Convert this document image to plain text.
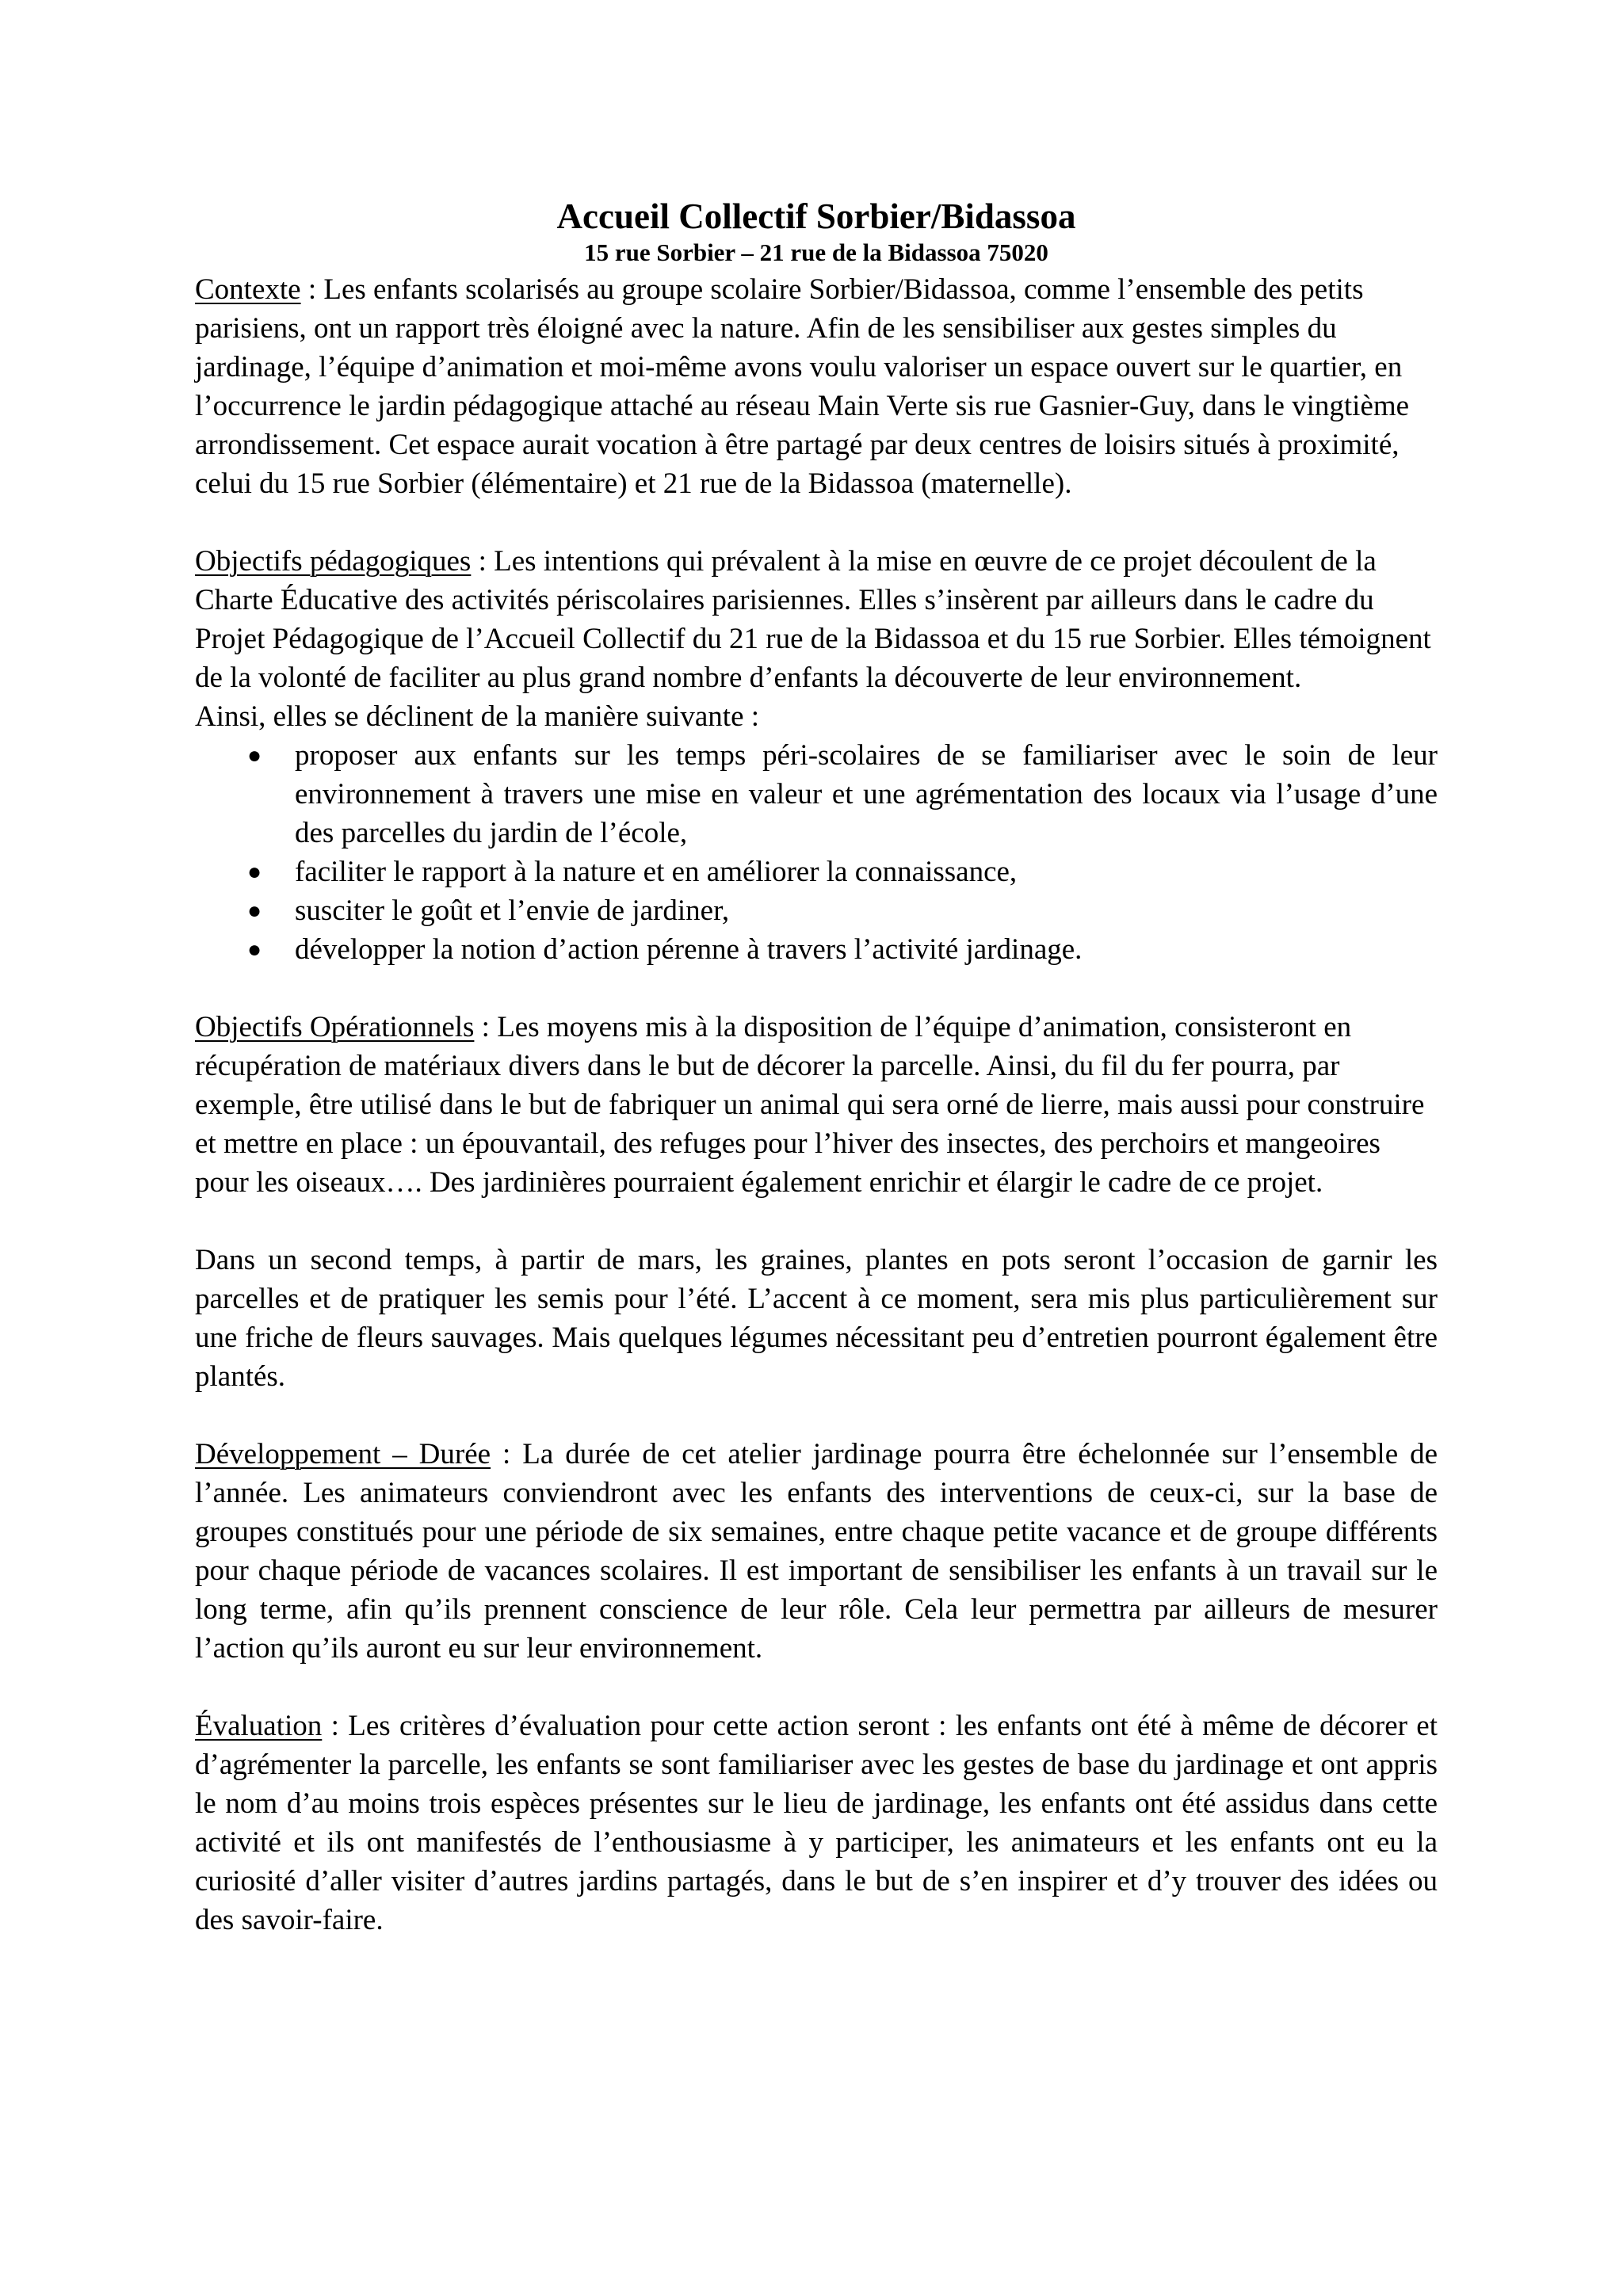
Accueil Collectif Sorbier/Bidassoa
15 rue Sorbier – 21 rue de la Bidassoa 75020

Contexte : Les enfants scolarisés au groupe scolaire Sorbier/Bidassoa, comme l’ensemble des petits parisiens, ont un rapport très éloigné avec la nature. Afin de les sensibiliser aux gestes simples du jardinage, l’équipe d’animation et moi-même avons voulu valoriser un espace ouvert sur le quartier, en l’occurrence le jardin pédagogique attaché au réseau Main Verte sis rue Gasnier-Guy, dans le vingtième arrondissement. Cet espace aurait vocation à être partagé par deux centres de loisirs situés à proximité, celui du 15 rue Sorbier (élémentaire) et 21 rue de la Bidassoa (maternelle).

Objectifs pédagogiques : Les intentions qui prévalent à la mise en œuvre de ce projet découlent de la Charte Éducative des activités périscolaires parisiennes. Elles s’insèrent par ailleurs dans le cadre du Projet Pédagogique de l’Accueil Collectif du 21 rue de la Bidassoa et du 15 rue Sorbier. Elles témoignent de la volonté de faciliter au plus grand nombre d’enfants la découverte de leur environnement.

Ainsi, elles se déclinent de la manière suivante :

● proposer aux enfants sur les temps péri-scolaires de se familiariser avec le soin de leur environnement à travers une mise en valeur et une agrémentation des locaux via l’usage d’une des parcelles du jardin de l’école,
● faciliter le rapport à la nature et en améliorer la connaissance,
● susciter le goût et l’envie de jardiner,
● développer la notion d’action pérenne à travers l’activité jardinage.

Objectifs Opérationnels : Les moyens mis à la disposition de l’équipe d’animation, consisteront en récupération de matériaux divers dans le but de décorer la parcelle. Ainsi, du fil du fer pourra, par exemple, être utilisé dans le but de fabriquer un animal qui sera orné de lierre, mais aussi pour construire et mettre en place : un épouvantail, des refuges pour l’hiver des insectes, des perchoirs et mangeoires pour les oiseaux…. Des jardinières pourraient également enrichir et élargir le cadre de ce projet.

Dans un second temps, à partir de mars, les graines, plantes en pots seront l’occasion de garnir les parcelles et de pratiquer les semis pour l’été. L’accent à ce moment, sera mis plus particulièrement sur une friche de fleurs sauvages. Mais quelques légumes nécessitant peu d’entretien pourront également être plantés.

Développement – Durée : La durée de cet atelier jardinage pourra être échelonnée sur l’ensemble de l’année. Les animateurs conviendront avec les enfants des interventions de ceux-ci, sur la base de groupes constitués pour une période de six semaines, entre chaque petite vacance et de groupe différents pour chaque période de vacances scolaires. Il est important de sensibiliser les enfants à un travail sur le long terme, afin qu’ils prennent conscience de leur rôle. Cela leur permettra par ailleurs de mesurer l’action qu’ils auront eu sur leur environnement.

Évaluation : Les critères d’évaluation pour cette action seront : les enfants ont été à même de décorer et d’agrémenter la parcelle, les enfants se sont familiariser avec les gestes de base du jardinage et ont appris le nom d’au moins trois espèces présentes sur le lieu de jardinage, les enfants ont été assidus dans cette activité et ils ont manifestés de l’enthousiasme à y participer, les animateurs et les enfants ont eu la curiosité d’aller visiter d’autres jardins partagés, dans le but de s’en inspirer et d’y trouver des idées ou des savoir-faire.
